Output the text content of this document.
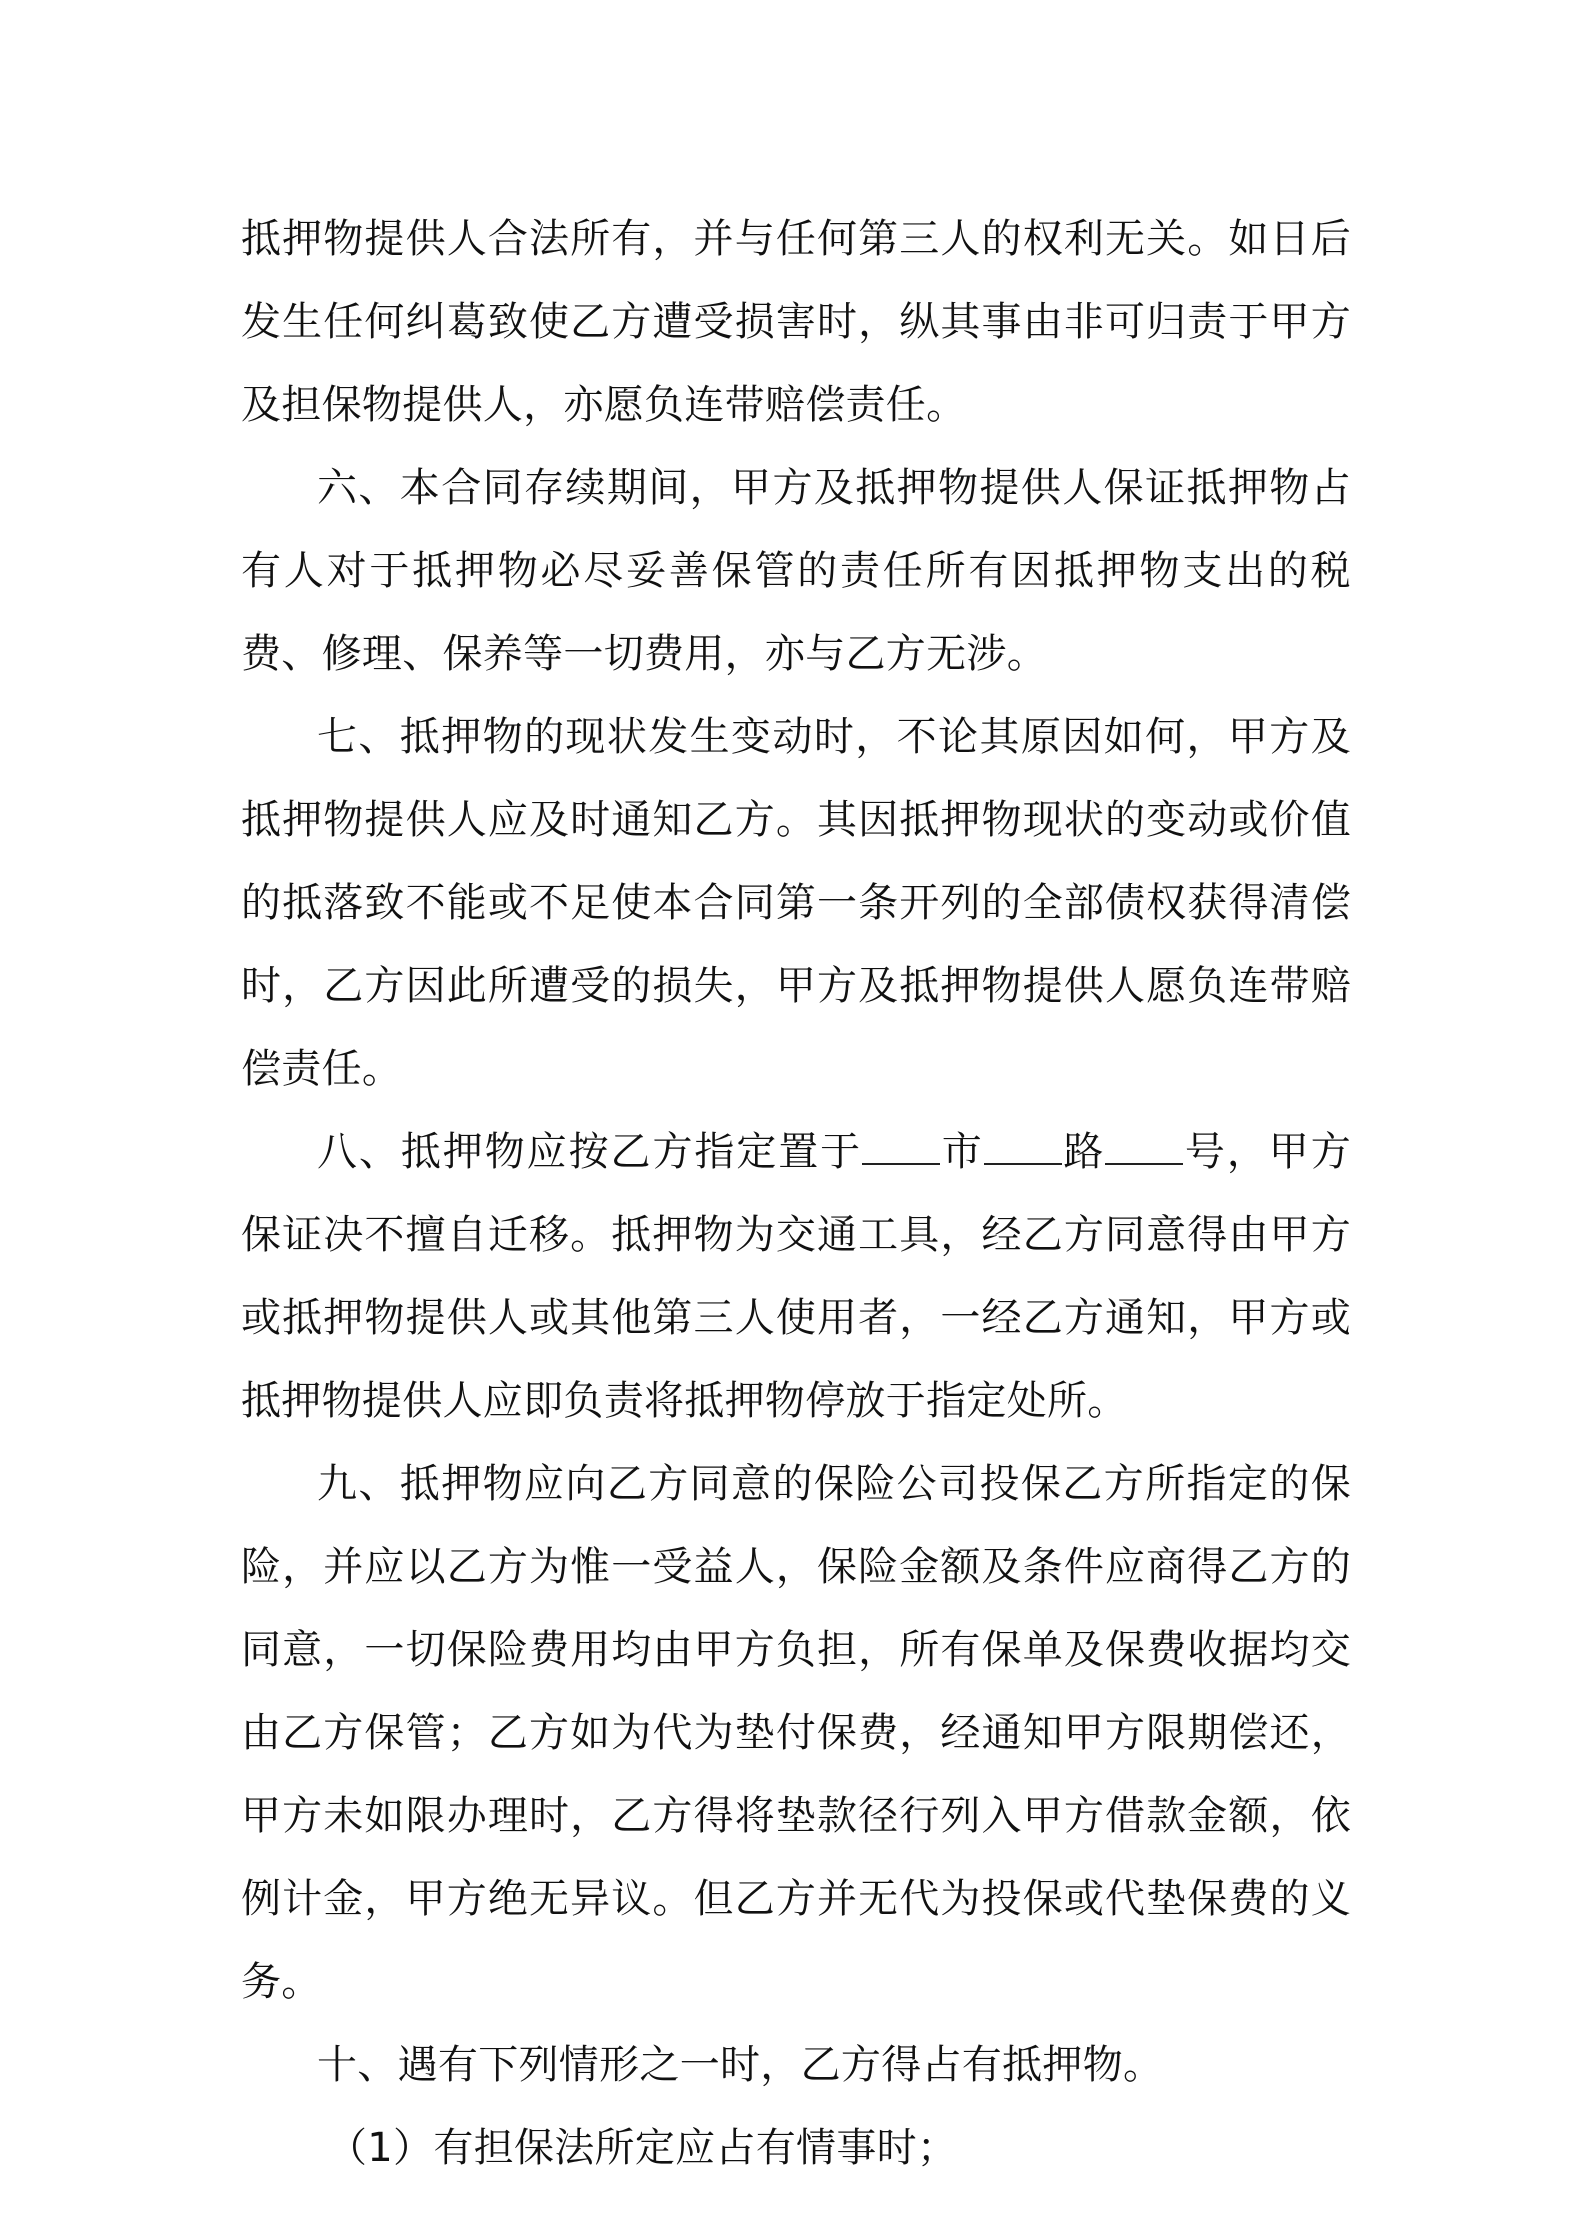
抵押物提供人合法所有，并与任何第三人的权利无关。如日后发生任何纠葛致使乙方遭受损害时，纵其事由非可归责于甲方及担保物提供人，亦愿负连带赔偿责任。

六、本合同存续期间，甲方及抵押物提供人保证抵押物占有人对于抵押物必尽妥善保管的责任所有因抵押物支出的税费、修理、保养等一切费用，亦与乙方无涉。

七、抵押物的现状发生变动时，不论其原因如何，甲方及抵押物提供人应及时通知乙方。其因抵押物现状的变动或价值的抵落致不能或不足使本合同第一条开列的全部债权获得清偿时，乙方因此所遭受的损失，甲方及抵押物提供人愿负连带赔偿责任。

八、抵押物应按乙方指定置于 市 路 号，甲方保证决不擅自迁移。抵押物为交通工具，经乙方同意得由甲方或抵押物提供人或其他第三人使用者，一经乙方通知，甲方或抵押物提供人应即负责将抵押物停放于指定处所。

九、抵押物应向乙方同意的保险公司投保乙方所指定的保险，并应以乙方为惟一受益人，保险金额及条件应商得乙方的同意，一切保险费用均由甲方负担，所有保单及保费收据均交由乙方保管；乙方如为代为垫付保费，经通知甲方限期偿还，甲方未如限办理时，乙方得将垫款径行列入甲方借款金额，依例计金，甲方绝无异议。但乙方并无代为投保或代垫保费的义务。

十、遇有下列情形之一时，乙方得占有抵押物。

（1）有担保法所定应占有情事时；
